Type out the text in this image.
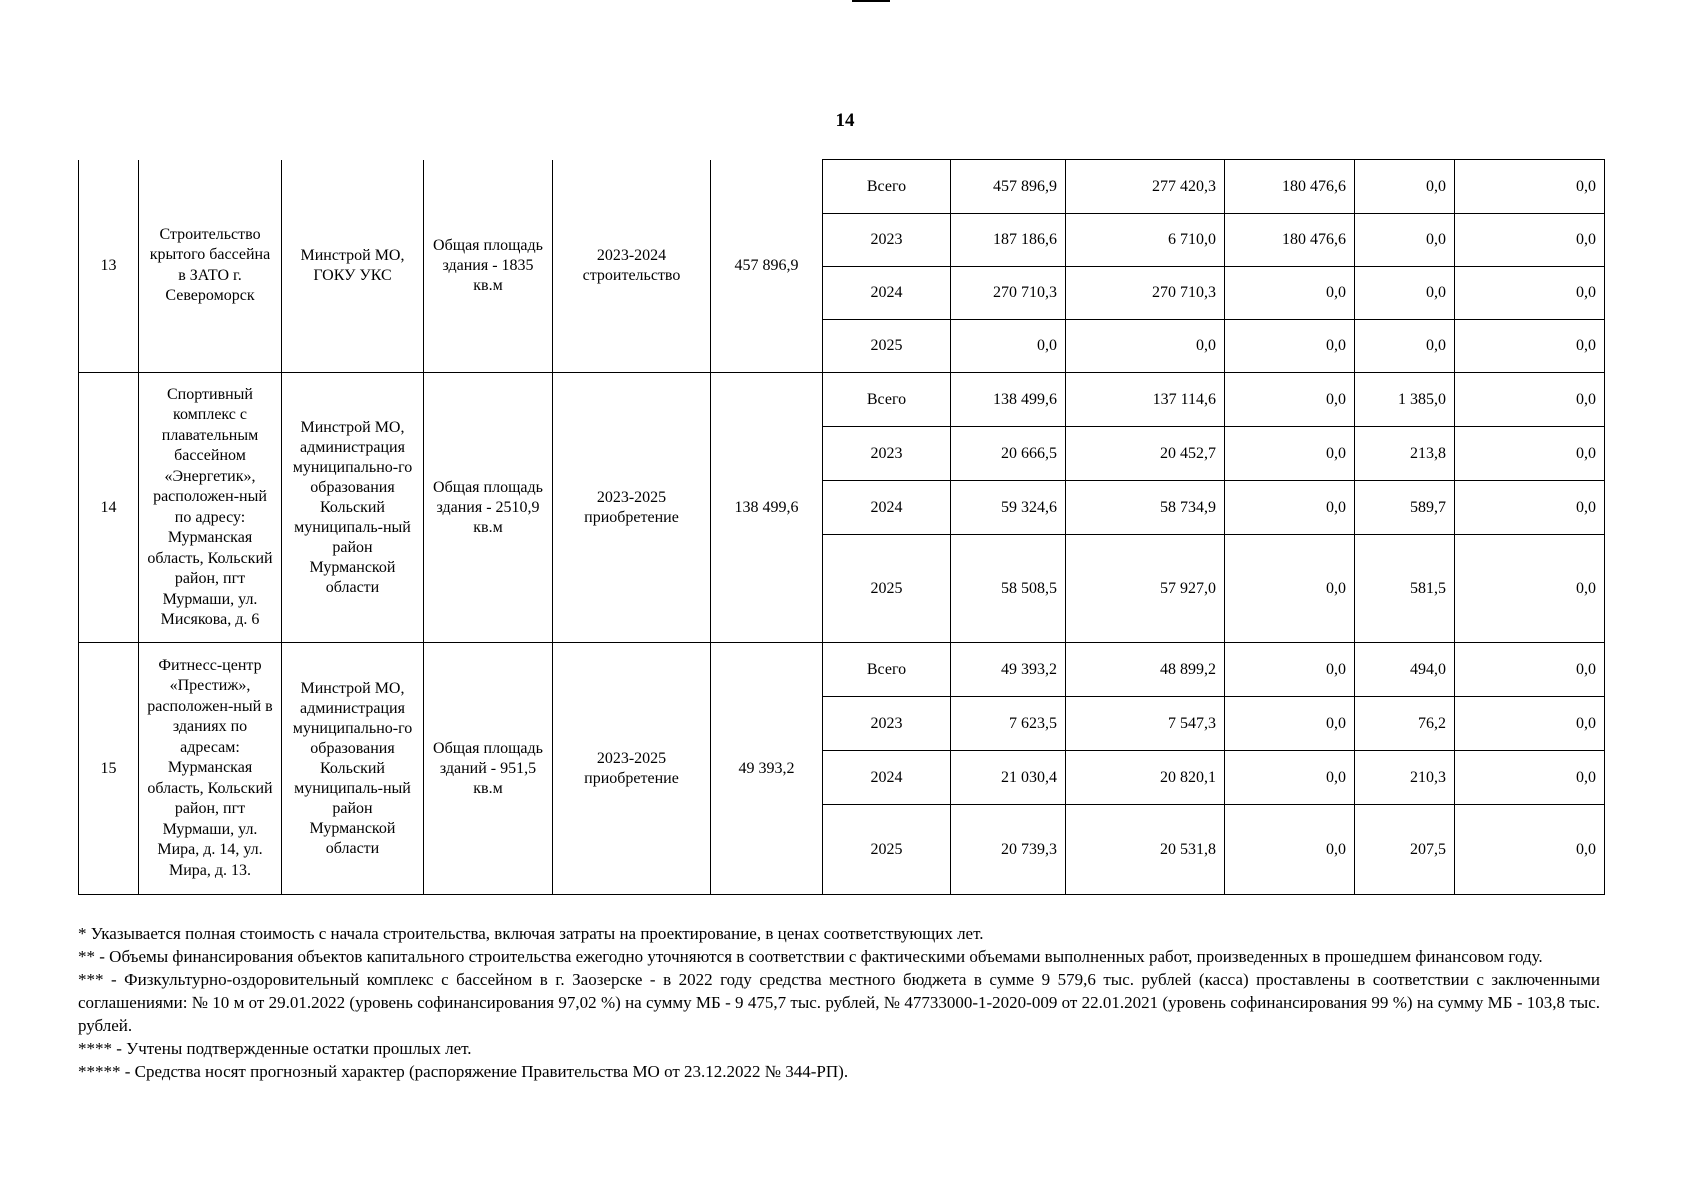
14
13	Строительство крытого бассейна в ЗАТО г. Североморск	Минстрой МО, ГОКУ УКС	Общая площадь здания - 1835 кв.м	2023-2024 строительство	457 896,9	Всего	457 896,9	277 420,3	180 476,6	0,0	0,0
						2023	187 186,6	6 710,0	180 476,6	0,0	0,0
						2024	270 710,3	270 710,3	0,0	0,0	0,0
						2025	0,0	0,0	0,0	0,0	0,0
14	Спортивный комплекс с плавательным бассейном «Энергетик», расположен-ный по адресу: Мурманская область, Кольский район, пгт Мурмаши, ул. Мисякова, д. 6	Минстрой МО, администрация муниципально-го образования Кольский муниципаль-ный район Мурманской области	Общая площадь здания - 2510,9 кв.м	2023-2025 приобретение	138 499,6	Всего	138 499,6	137 114,6	0,0	1 385,0	0,0
						2023	20 666,5	20 452,7	0,0	213,8	0,0
						2024	59 324,6	58 734,9	0,0	589,7	0,0
						2025	58 508,5	57 927,0	0,0	581,5	0,0
15	Фитнесс-центр «Престиж», расположен-ный в зданиях по адресам: Мурманская область, Кольский район, пгт Мурмаши, ул. Мира, д. 14, ул. Мира, д. 13.	Минстрой МО, администрация муниципально-го образования Кольский муниципаль-ный район Мурманской области	Общая площадь зданий - 951,5 кв.м	2023-2025 приобретение	49 393,2	Всего	49 393,2	48 899,2	0,0	494,0	0,0
						2023	7 623,5	7 547,3	0,0	76,2	0,0
						2024	21 030,4	20 820,1	0,0	210,3	0,0
						2025	20 739,3	20 531,8	0,0	207,5	0,0

* Указывается полная стоимость с начала строительства, включая затраты на проектирование, в ценах соответствующих лет.

** - Объемы финансирования объектов капитального строительства ежегодно уточняются в соответствии с фактическими объемами выполненных работ, произведенных в прошедшем финансовом году.

*** - Физкультурно-оздоровительный комплекс с бассейном в г. Заозерске - в 2022 году средства местного бюджета в сумме 9 579,6 тыс. рублей (касса) проставлены в соответствии с заключенными соглашениями: № 10 м от 29.01.2022 (уровень софинансирования 97,02 %) на сумму МБ - 9 475,7 тыс. рублей, № 47733000-1-2020-009 от 22.01.2021 (уровень софинансирования 99 %) на сумму МБ - 103,8 тыс. рублей.

**** - Учтены подтвержденные остатки прошлых лет.

***** - Средства носят прогнозный характер (распоряжение Правительства МО от 23.12.2022 № 344-РП).
